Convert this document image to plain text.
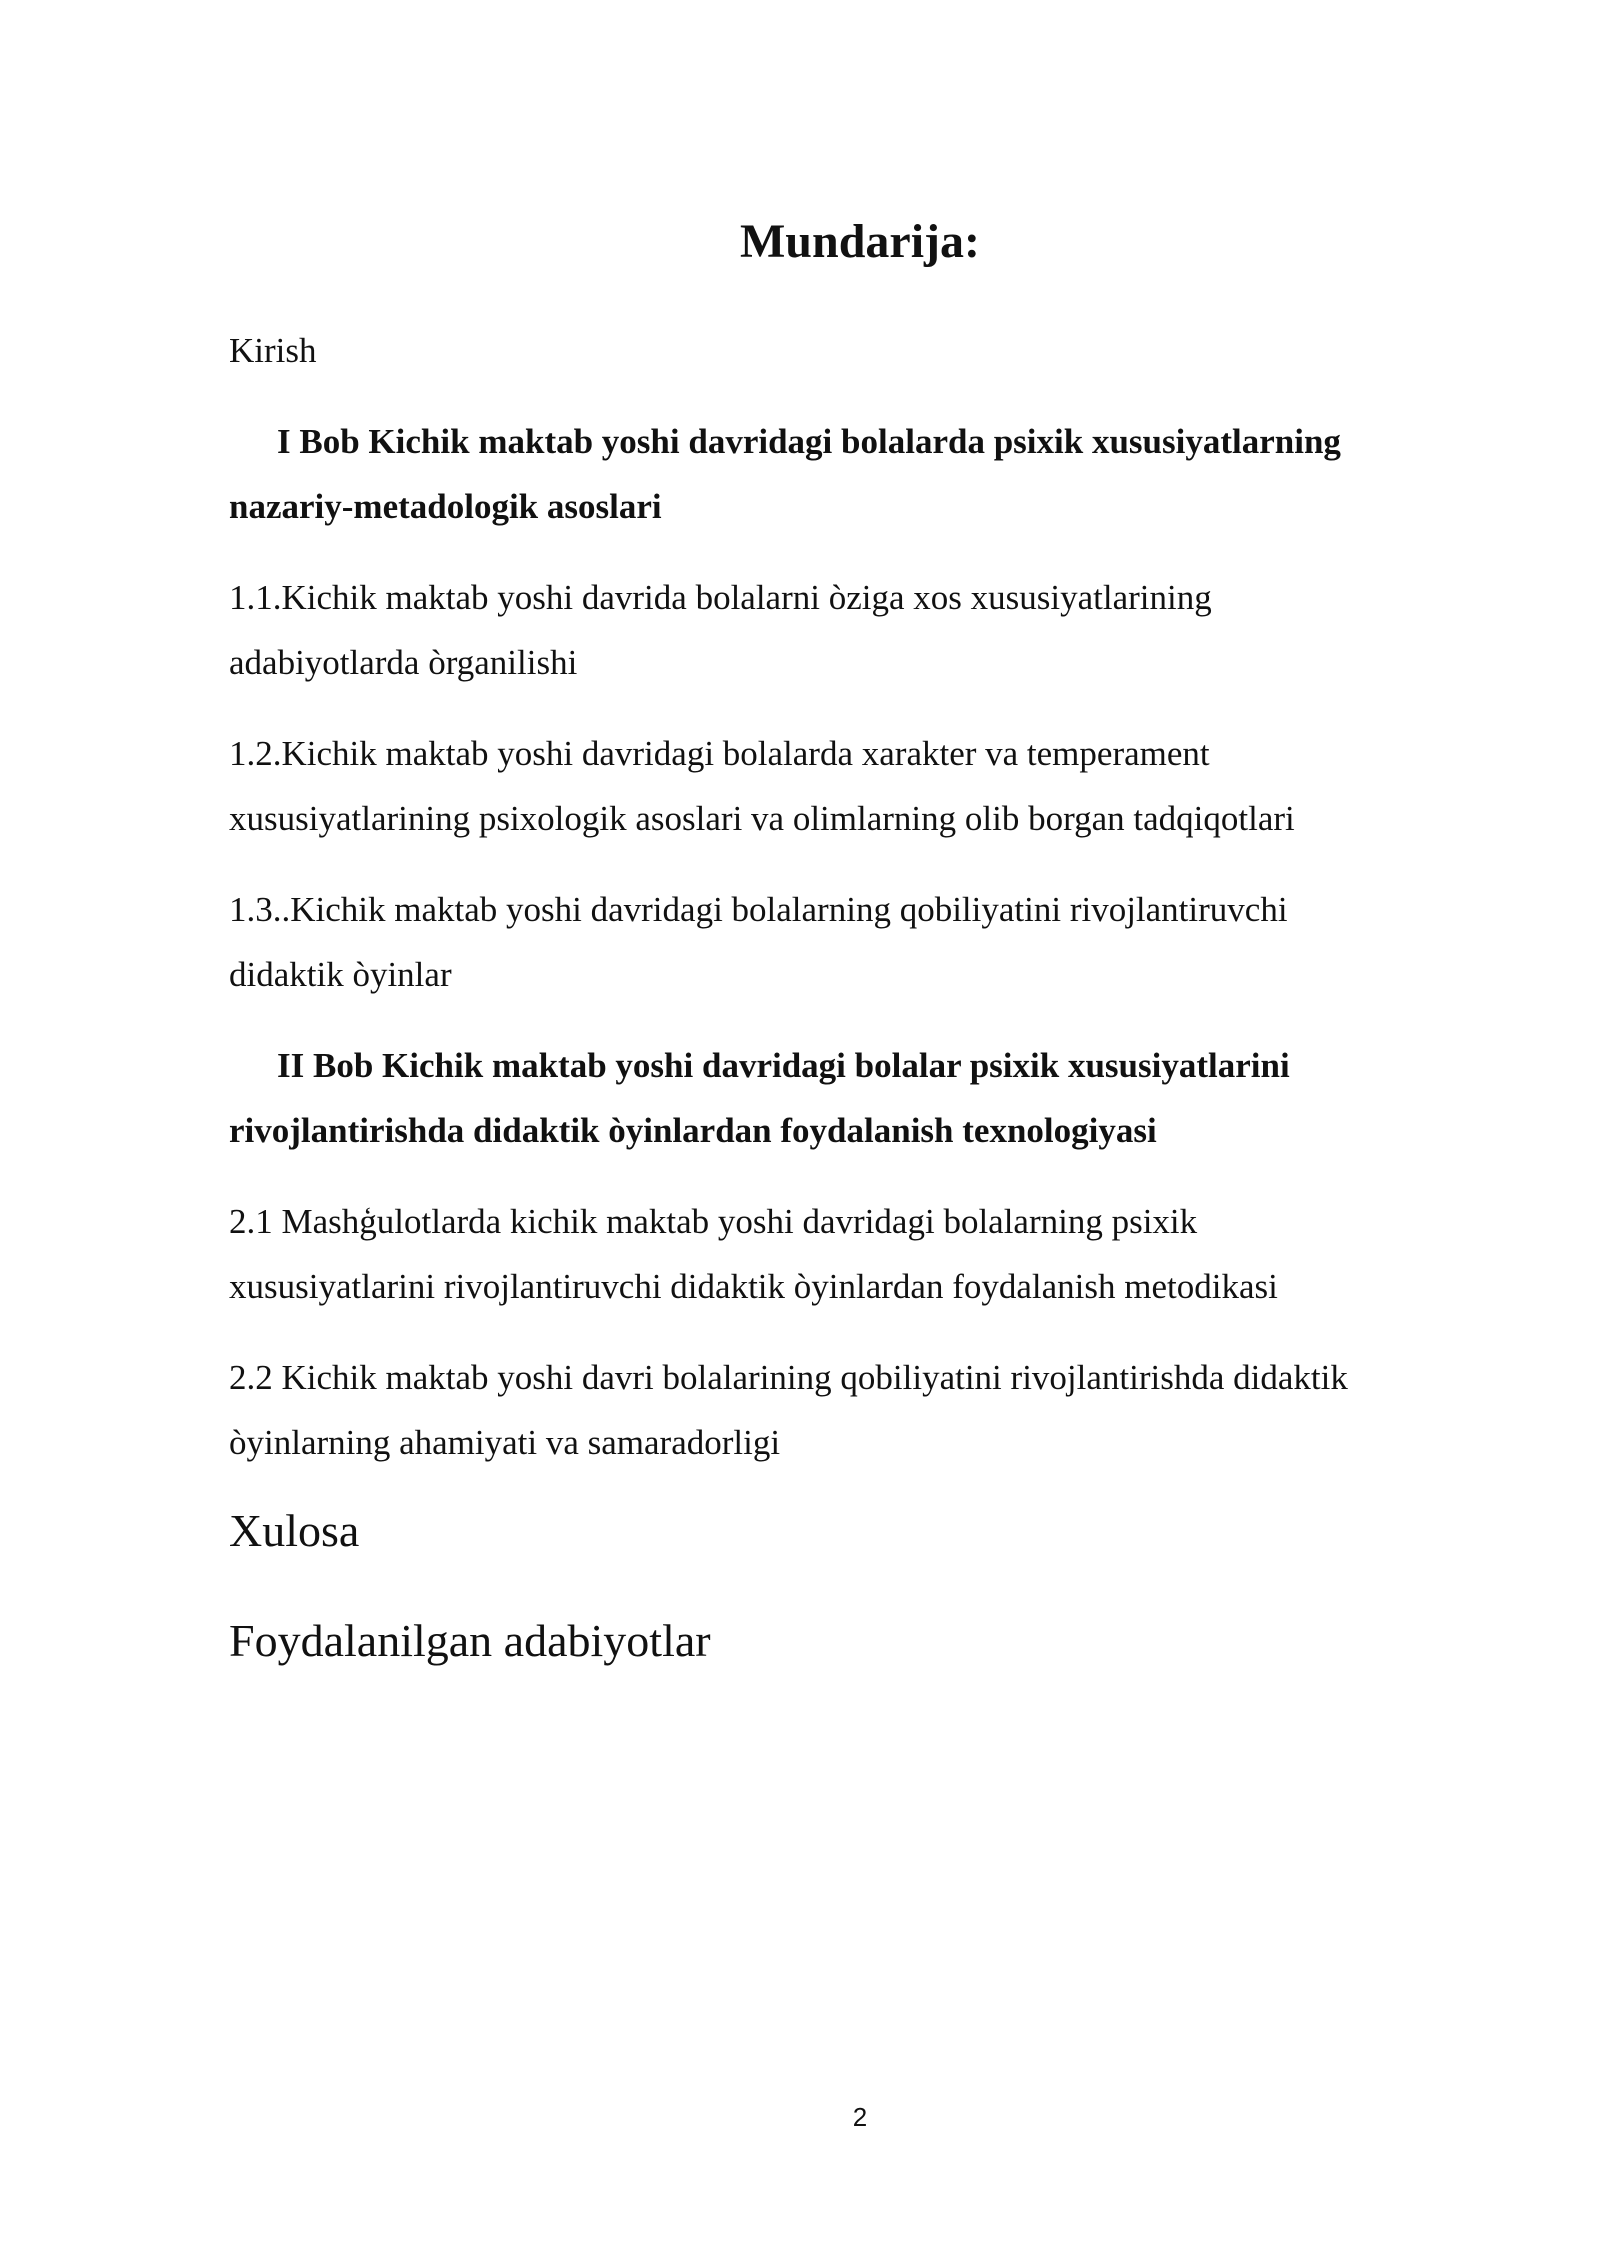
Mundarija:

Kirish

I Bob Kichik maktab yoshi davridagi bolalarda psixik xususiyatlarning
nazariy-metadologik asoslari

1.1.Kichik maktab yoshi davrida bolalarni òziga xos xususiyatlarining
adabiyotlarda òrganilishi

1.2.Kichik maktab yoshi davridagi bolalarda xarakter va temperament
xususiyatlarining psixologik asoslari va olimlarning olib borgan tadqiqotlari

1.3..Kichik maktab yoshi davridagi bolalarning qobiliyatini rivojlantiruvchi
didaktik òyinlar

II Bob Kichik maktab yoshi davridagi bolalar psixik xususiyatlarini
rivojlantirishda didaktik òyinlardan foydalanish texnologiyasi

2.1 Mashģulotlarda kichik maktab yoshi davridagi bolalarning psixik
xususiyatlarini rivojlantiruvchi didaktik òyinlardan foydalanish metodikasi

2.2 Kichik maktab yoshi davri bolalarining qobiliyatini rivojlantirishda didaktik
òyinlarning ahamiyati va samaradorligi

Xulosa

Foydalanilgan adabiyotlar

2
